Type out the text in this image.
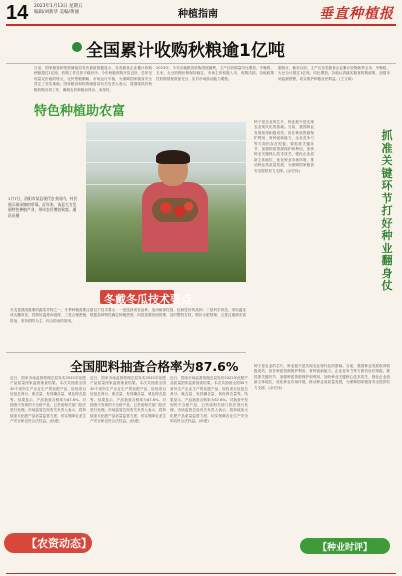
14 2023年1月13日 星期五
编辑/刘新华 美编/黄丽	种植指南	垂直种植报
全国累计收购秋粮逾1亿吨
日前，国家粮食和物资储备局发布最新数据显示，各类粮食企业累计收购秋粮超过1亿吨，收购工作总体平稳有序。今年秋粮收购开局良好，总体呈现量足价稳的特点，农民售粮顺畅，市场运行平稳，为保障国家粮食安全奠定了坚实基础。国家粮食和物资储备局有关负责人表示，将继续抓好秋粮收购各项工作，确保农民种粮卖得出、卖得好。
2023年，今年各地粮食收购进展顺利，主产区收购量同比增加，中晚稻、玉米、大豆收购价格保持稳定，市场主体积极入市，收购活跃。各地政策性收购预案准备充分，应对市场波动能力增强。
据统计，截至目前，主产区各类粮食企业累计收购新季玉米、中晚稻、大豆合计超过1亿吨，同比增加。各地认真落实粮食收购政策，加强市场监测预警，切实维护种粮农民利益。(王文章)
特色种植助农富
1月7日，洛阳市某县现代农业园内，村民展示刚采摘的草莓。近年来，该县大力发展特色种植产业，带动农民增收致富。通讯员摄
种子是农业的芯片，种业振兴是实现农业现代化的基础。当前，我国种业发展取得积极成效，但在种质资源保护利用、育种创新能力、企业竞争力等方面仍存在短板。要抓准关键环节，加强种质资源保护和利用，加快种业关键核心技术攻关，强化企业创新主体地位，优化种业市场环境，推动种业高质量发展，为保障国家粮食安全提供有力支撑。(余宏伟)
抓准关键环节打好种业翻身仗
种子是农业的芯片，种业振兴是实现农业现代化的基础。当前，我国种业发展取得积极成效，但在种质资源保护利用、育种创新能力、企业竞争力等方面仍存在短板。要抓准关键环节，加强种质资源保护和利用，加快种业关键核心技术攻关，强化企业创新主体地位，优化种业市场环境，推动种业高质量发展，为保障国家粮食安全提供有力支撑。(余宏伟)
【种业时评】
冬戴冬瓜技术要点
冬瓜是我国重要的蔬菜作物之一，冬季种植需要注意以下技术要点：一是选择适宜品种，选用耐寒性强、抗病性好的品种；二是科学育苗，采用温室或大棚育苗，控制好温度和湿度；三是合理密植，根据品种特性确定种植密度；四是加强田间管理，及时整枝打杈，做好水肥管理；五是注重病虫害防治，坚持预防为主、综合防治的原则。
全国肥料抽查合格率为87.6%
近日，国家市场监督管理总局发布2022年化肥产品质量国家监督抽查结果。本次共抽查全国30个省份生产企业生产的化肥产品，检验项目包括总养分、氮含量、有效磷含量、氧化钾含量等。结果显示，产品抽查合格率为87.6%。对抽查中发现的不合格产品，已责成相关部门依法进行处理。市场监管总局有关负责人表示，将持续加大化肥产品质量监管力度，切实保障农业生产安全和农民合法权益。(孙建)
近日，国家市场监督管理总局发布2022年化肥产品质量国家监督抽查结果。本次共抽查全国30个省份生产企业生产的化肥产品，检验项目包括总养分、氮含量、有效磷含量、氧化钾含量等。结果显示，产品抽查合格率为87.6%。对抽查中发现的不合格产品，已责成相关部门依法进行处理。市场监管总局有关负责人表示，将持续加大化肥产品质量监管力度，切实保障农业生产安全和农民合法权益。(孙建)
近日，国家市场监督管理总局发布2022年化肥产品质量国家监督抽查结果。本次共抽查全国30个省份生产企业生产的化肥产品，检验项目包括总养分、氮含量、有效磷含量、氧化钾含量等。结果显示，产品抽查合格率为87.6%。对抽查中发现的不合格产品，已责成相关部门依法进行处理。市场监管总局有关负责人表示，将持续加大化肥产品质量监管力度，切实保障农业生产安全和农民合法权益。(孙建)
【农资动态】
